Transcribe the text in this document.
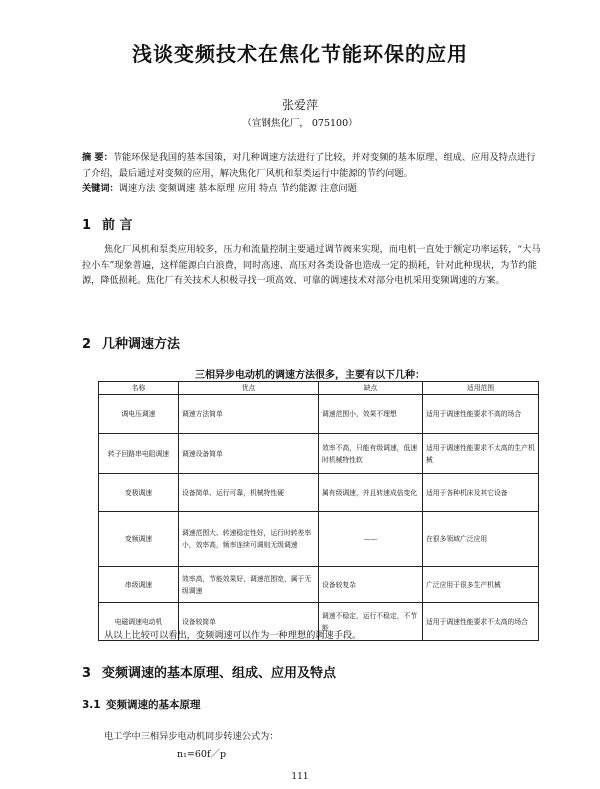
浅谈变频技术在焦化节能环保的应用
张爱萍
（宣钢焦化厂， 075100）
摘 要：节能环保是我国的基本国策，对几种调速方法进行了比较，并对变频的基本原理、组成、应用及特点进行了介绍，最后通过对变频的应用，解决焦化厂风机和泵类运行中能源的节约问题。
关键词：调速方法 变频调速 基本原理 应用 特点 节约能源 注意问题
1 前 言
焦化厂风机和泵类应用较多，压力和流量控制主要通过调节阀来实现，而电机一直处于额定功率运转，“大马拉小车”现象普遍，这样能源白白浪费，同时高速、高压对各类设备也造成一定的损耗，针对此种现状，为节约能源，降低损耗。焦化厂有关技术人积极寻找一项高效、可靠的调速技术对部分电机采用变频调速的方案。
2 几种调速方法
三相异步电动机的调速方法很多，主要有以下几种：
名称	优点	缺点	适用范围
调电压调速	调速方法简单	调速范围小，效果不理想	适用于调速性能要求不高的场合
转子回路串电阻调速	调速设备简单	效率不高，只能有级调速，低速时机械特性软	适用于调速性能要求不太高的生产机械
变极调速	设备简单、运行可靠，机械特性硬	属有级调速，并且转速成倍变化	适用于各种机床及其它设备
变频调速	调速范围大、转速稳定性好，运行时转差率小，效率高，频率连续可调则无级调速	——	在很多领域广泛应用
串级调速	效率高，节能效果好，调速范围宽，属于无级调速	设备较复杂	广泛应用于很多生产机械
电磁调速电动机	设备较简单	调速不稳定，运行不稳定，不节能	适用于调速性能要求不太高的场合
从以上比较可以看出，变频调速可以作为一种理想的调速手段。
3 变频调速的基本原理、组成、应用及特点
3.1 变频调速的基本原理
电工学中三相异步电动机同步转速公式为：
n₁=60f／p
111
